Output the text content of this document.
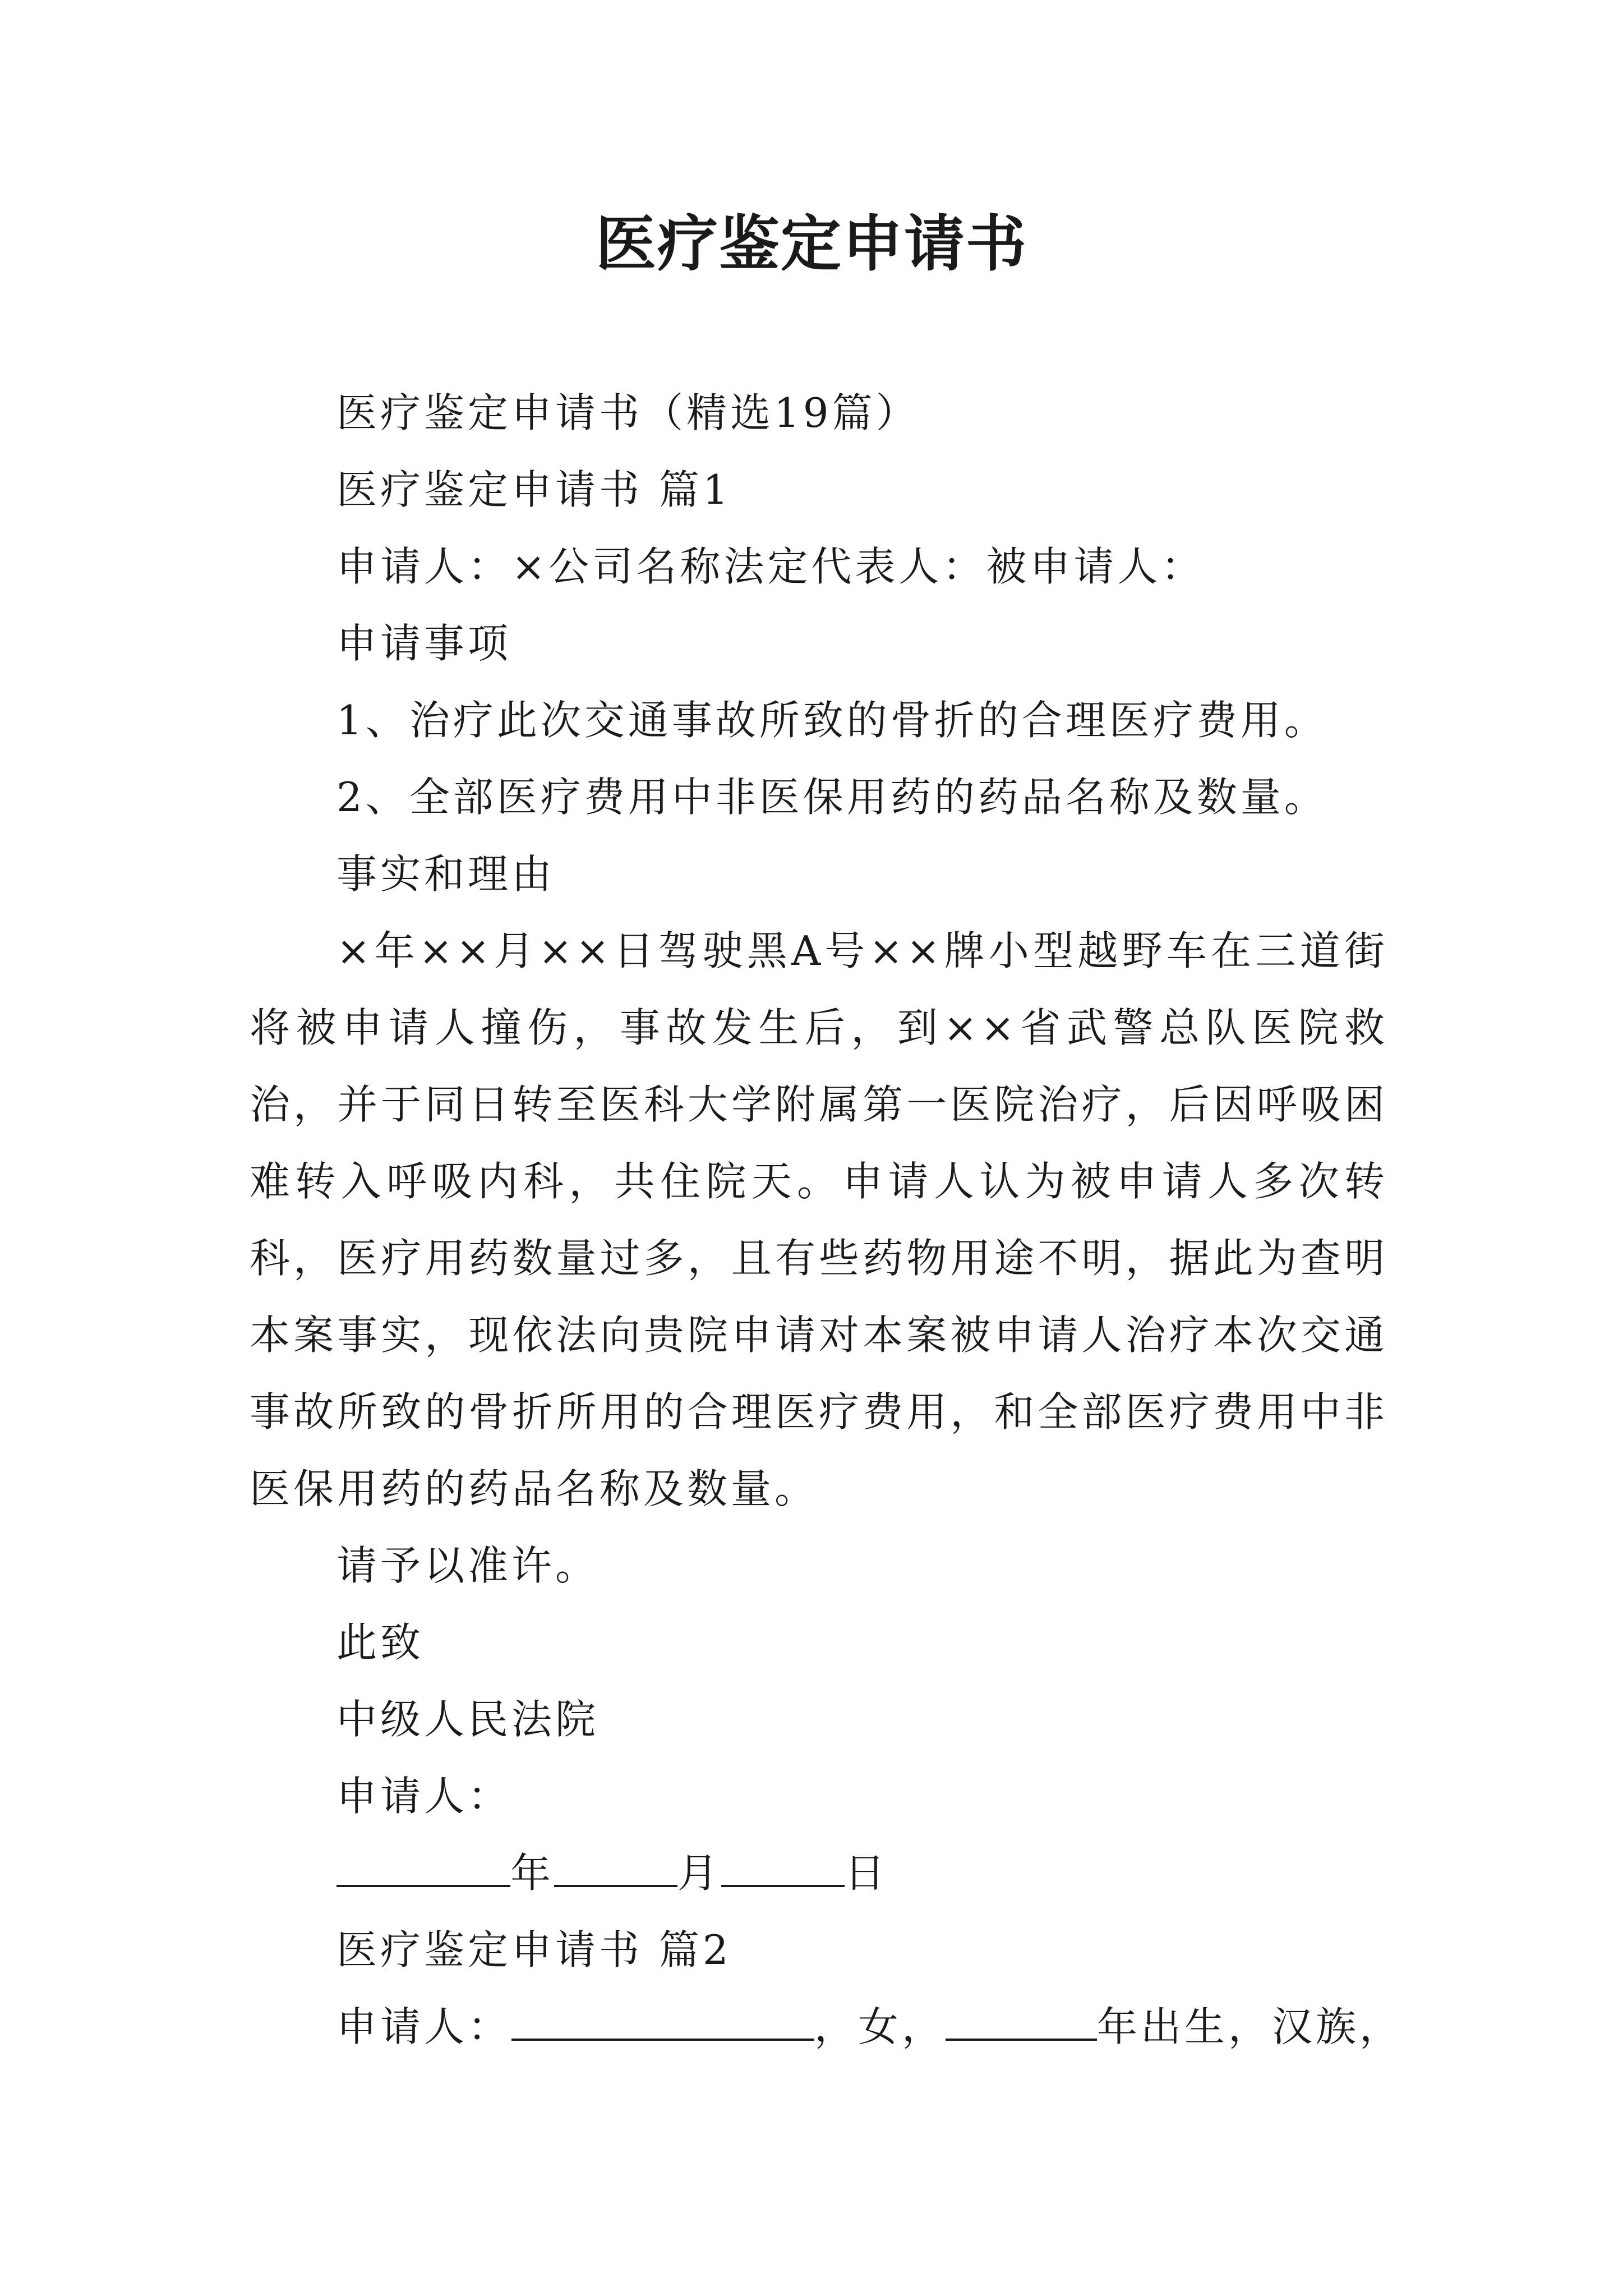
医疗鉴定申请书

医疗鉴定申请书（精选19篇）

医疗鉴定申请书 篇1

申请人：×公司名称法定代表人：被申请人：

申请事项

1、治疗此次交通事故所致的骨折的合理医疗费用。

2、全部医疗费用中非医保用药的药品名称及数量。

事实和理由

×年××月××日驾驶黑A号××牌小型越野车在三道街将被申请人撞伤，事故发生后，到××省武警总队医院救治，并于同日转至医科大学附属第一医院治疗，后因呼吸困难转入呼吸内科，共住院天。申请人认为被申请人多次转科，医疗用药数量过多，且有些药物用途不明，据此为查明本案事实，现依法向贵院申请对本案被申请人治疗本次交通事故所致的骨折所用的合理医疗费用，和全部医疗费用中非医保用药的药品名称及数量。

请予以准许。

此致

中级人民法院

申请人：

年	月	日

医疗鉴定申请书 篇2

申请人：	，女，	年出生，汉族，
